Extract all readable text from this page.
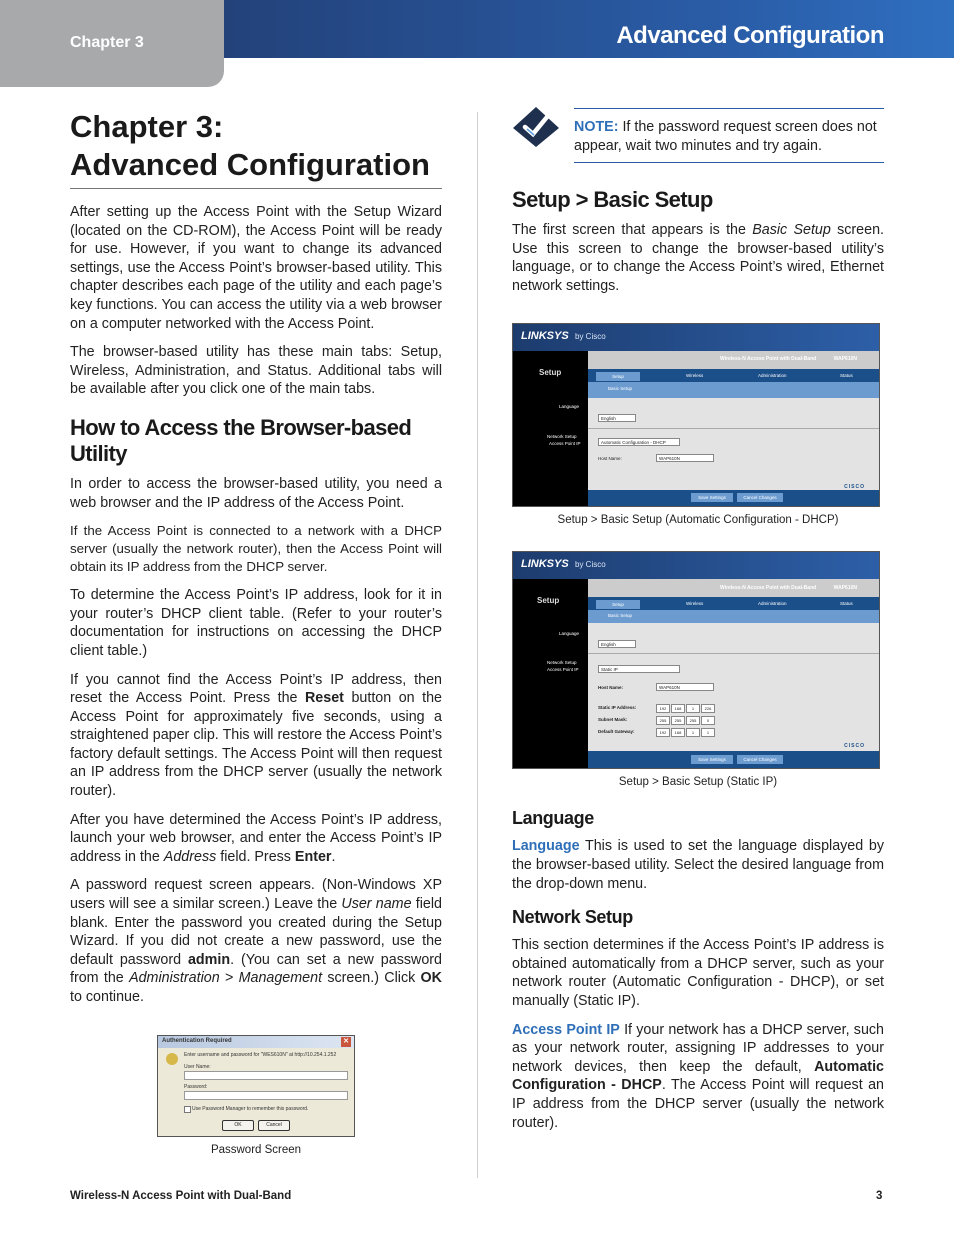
Chapter 3	Advanced Configuration
Chapter 3:
Advanced Configuration

After setting up the Access Point with the Setup Wizard (located on the CD-ROM), the Access Point will be ready for use. However, if you want to change its advanced settings, use the Access Point’s browser-based utility. This chapter describes each page of the utility and each page’s key functions. You can access the utility via a web browser on a computer networked with the Access Point.

The browser-based utility has these main tabs: Setup, Wireless, Administration, and Status. Additional tabs will be available after you click one of the main tabs.

How to Access the Browser-based Utility

In order to access the browser-based utility, you need a web browser and the IP address of the Access Point.

If the Access Point is connected to a network with a DHCP server (usually the network router), then the Access Point will obtain its IP address from the DHCP server.

To determine the Access Point’s IP address, look for it in your router’s DHCP client table. (Refer to your router’s documentation for instructions on accessing the DHCP client table.)

If you cannot find the Access Point’s IP address, then reset the Access Point. Press the Reset button on the Access Point for approximately five seconds, using a straightened paper clip. This will restore the Access Point’s factory default settings. The Access Point will then request an IP address from the DHCP server (usually the network router).

After you have determined the Access Point’s IP address, launch your web browser, and enter the Access Point’s IP address in the Address field. Press Enter.

A password request screen appears. (Non-Windows XP users will see a similar screen.) Leave the User name field blank. Enter the password you created during the Setup Wizard. If you did not create a new password, use the default password admin. (You can set a new password from the Administration > Management screen.) Click OK to continue.

Authentication Required	✕
Enter username and password for "WES610N" at http://10.254.1.252
User Name:
Password:
Use Password Manager to remember this password.
OK	Cancel
Password Screen
NOTE: If the password request screen does not appear, wait two minutes and try again.
Setup > Basic Setup

The first screen that appears is the Basic Setup screen. Use this screen to change the browser-based utility’s language, or to change the Access Point’s wired, Ethernet network settings.

LINKSYS by Cisco
Setup
Wireless-N Access Point with Dual-Band	WAP610N
Setup	Wireless	Administration	Status
Basic Setup
Language
Network Setup
Access Point IP
English
Automatic Configuration - DHCP
Host Name:	WAP610N
Save Settings	Cancel Changes
CISCO
Setup > Basic Setup (Automatic Configuration - DHCP)
LINKSYS by Cisco
Setup
Wireless-N Access Point with Dual-Band	WAP610N
Setup	Wireless	Administration	Status
Basic Setup
Language
Network Setup
Access Point IP
English
Static IP
Host Name:	WAP610N
Static IP Address:	192	168	1	226
Subnet Mask:	255	255	255	0
Default Gateway:	192	168	1	1
Save Settings	Cancel Changes
CISCO
Setup > Basic Setup (Static IP)
Language

Language This is used to set the language displayed by the browser-based utility. Select the desired language from the drop-down menu.

Network Setup

This section determines if the Access Point’s IP address is obtained automatically from a DHCP server, such as your network router (Automatic Configuration - DHCP), or set manually (Static IP).

Access Point IP If your network has a DHCP server, such as your network router, assigning IP addresses to your network devices, then keep the default, Automatic Configuration - DHCP. The Access Point will request an IP address from the DHCP server (usually the network router).

Wireless-N Access Point with Dual-Band	3
